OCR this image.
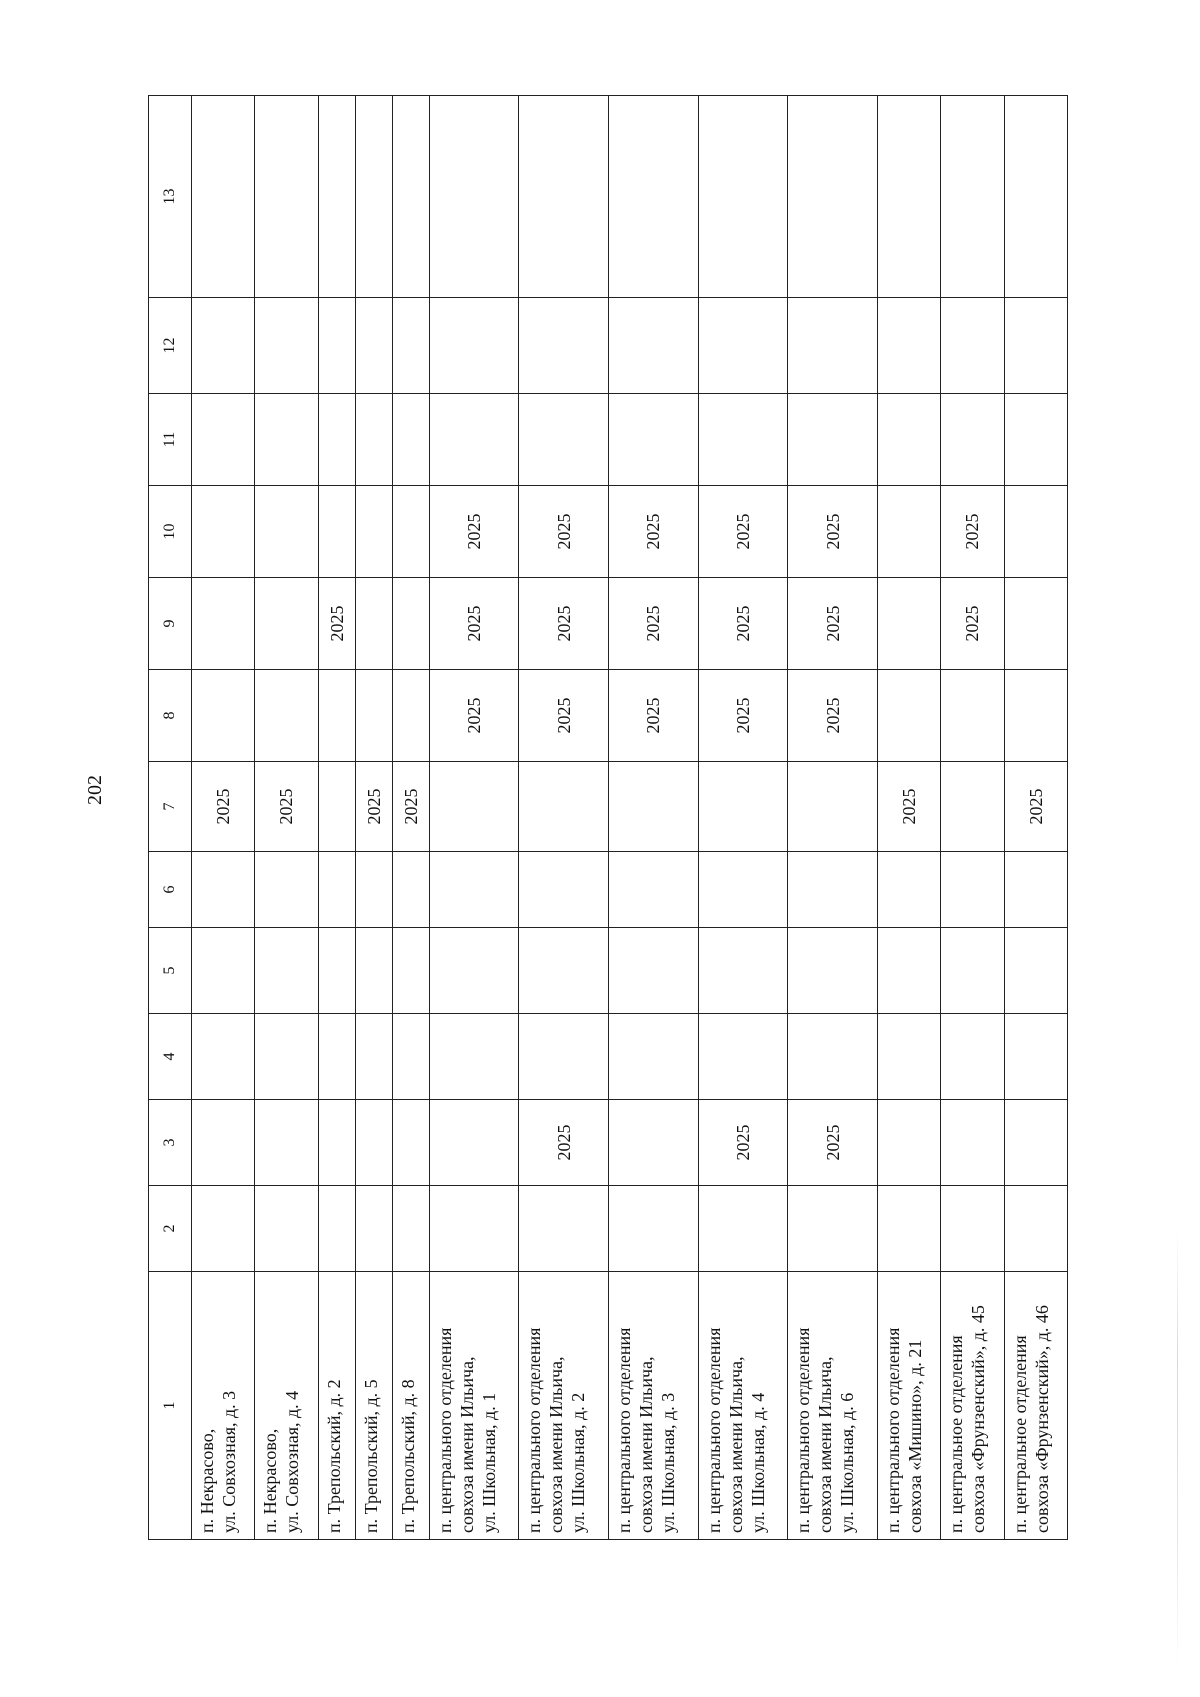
202
1	2	3	4	5	6	7	8	9	10	11	12	13
п. Некрасово,
ул. Совхозная, д. 3						2025						
п. Некрасово,
ул. Совхозная, д. 4						2025						
п. Трепольский, д. 2								2025				
п. Трепольский, д. 5						2025						
п. Трепольский, д. 8						2025						
п. центрального отделения
совхоза имени Ильича,
ул. Школьная, д. 1							2025	2025	2025			
п. центрального отделения
совхоза имени Ильича,
ул. Школьная, д. 2		2025					2025	2025	2025			
п. центрального отделения
совхоза имени Ильича,
ул. Школьная, д. 3							2025	2025	2025			
п. центрального отделения
совхоза имени Ильича,
ул. Школьная, д. 4		2025					2025	2025	2025			
п. центрального отделения
совхоза имени Ильича,
ул. Школьная, д. 6		2025					2025	2025	2025			
п. центрального отделения
совхоза «Мишино», д. 21						2025						
п. центральное отделения
совхоза «Фрунзенский», д. 45								2025	2025			
п. центральное отделения
совхоза «Фрунзенский», д. 46						2025						
